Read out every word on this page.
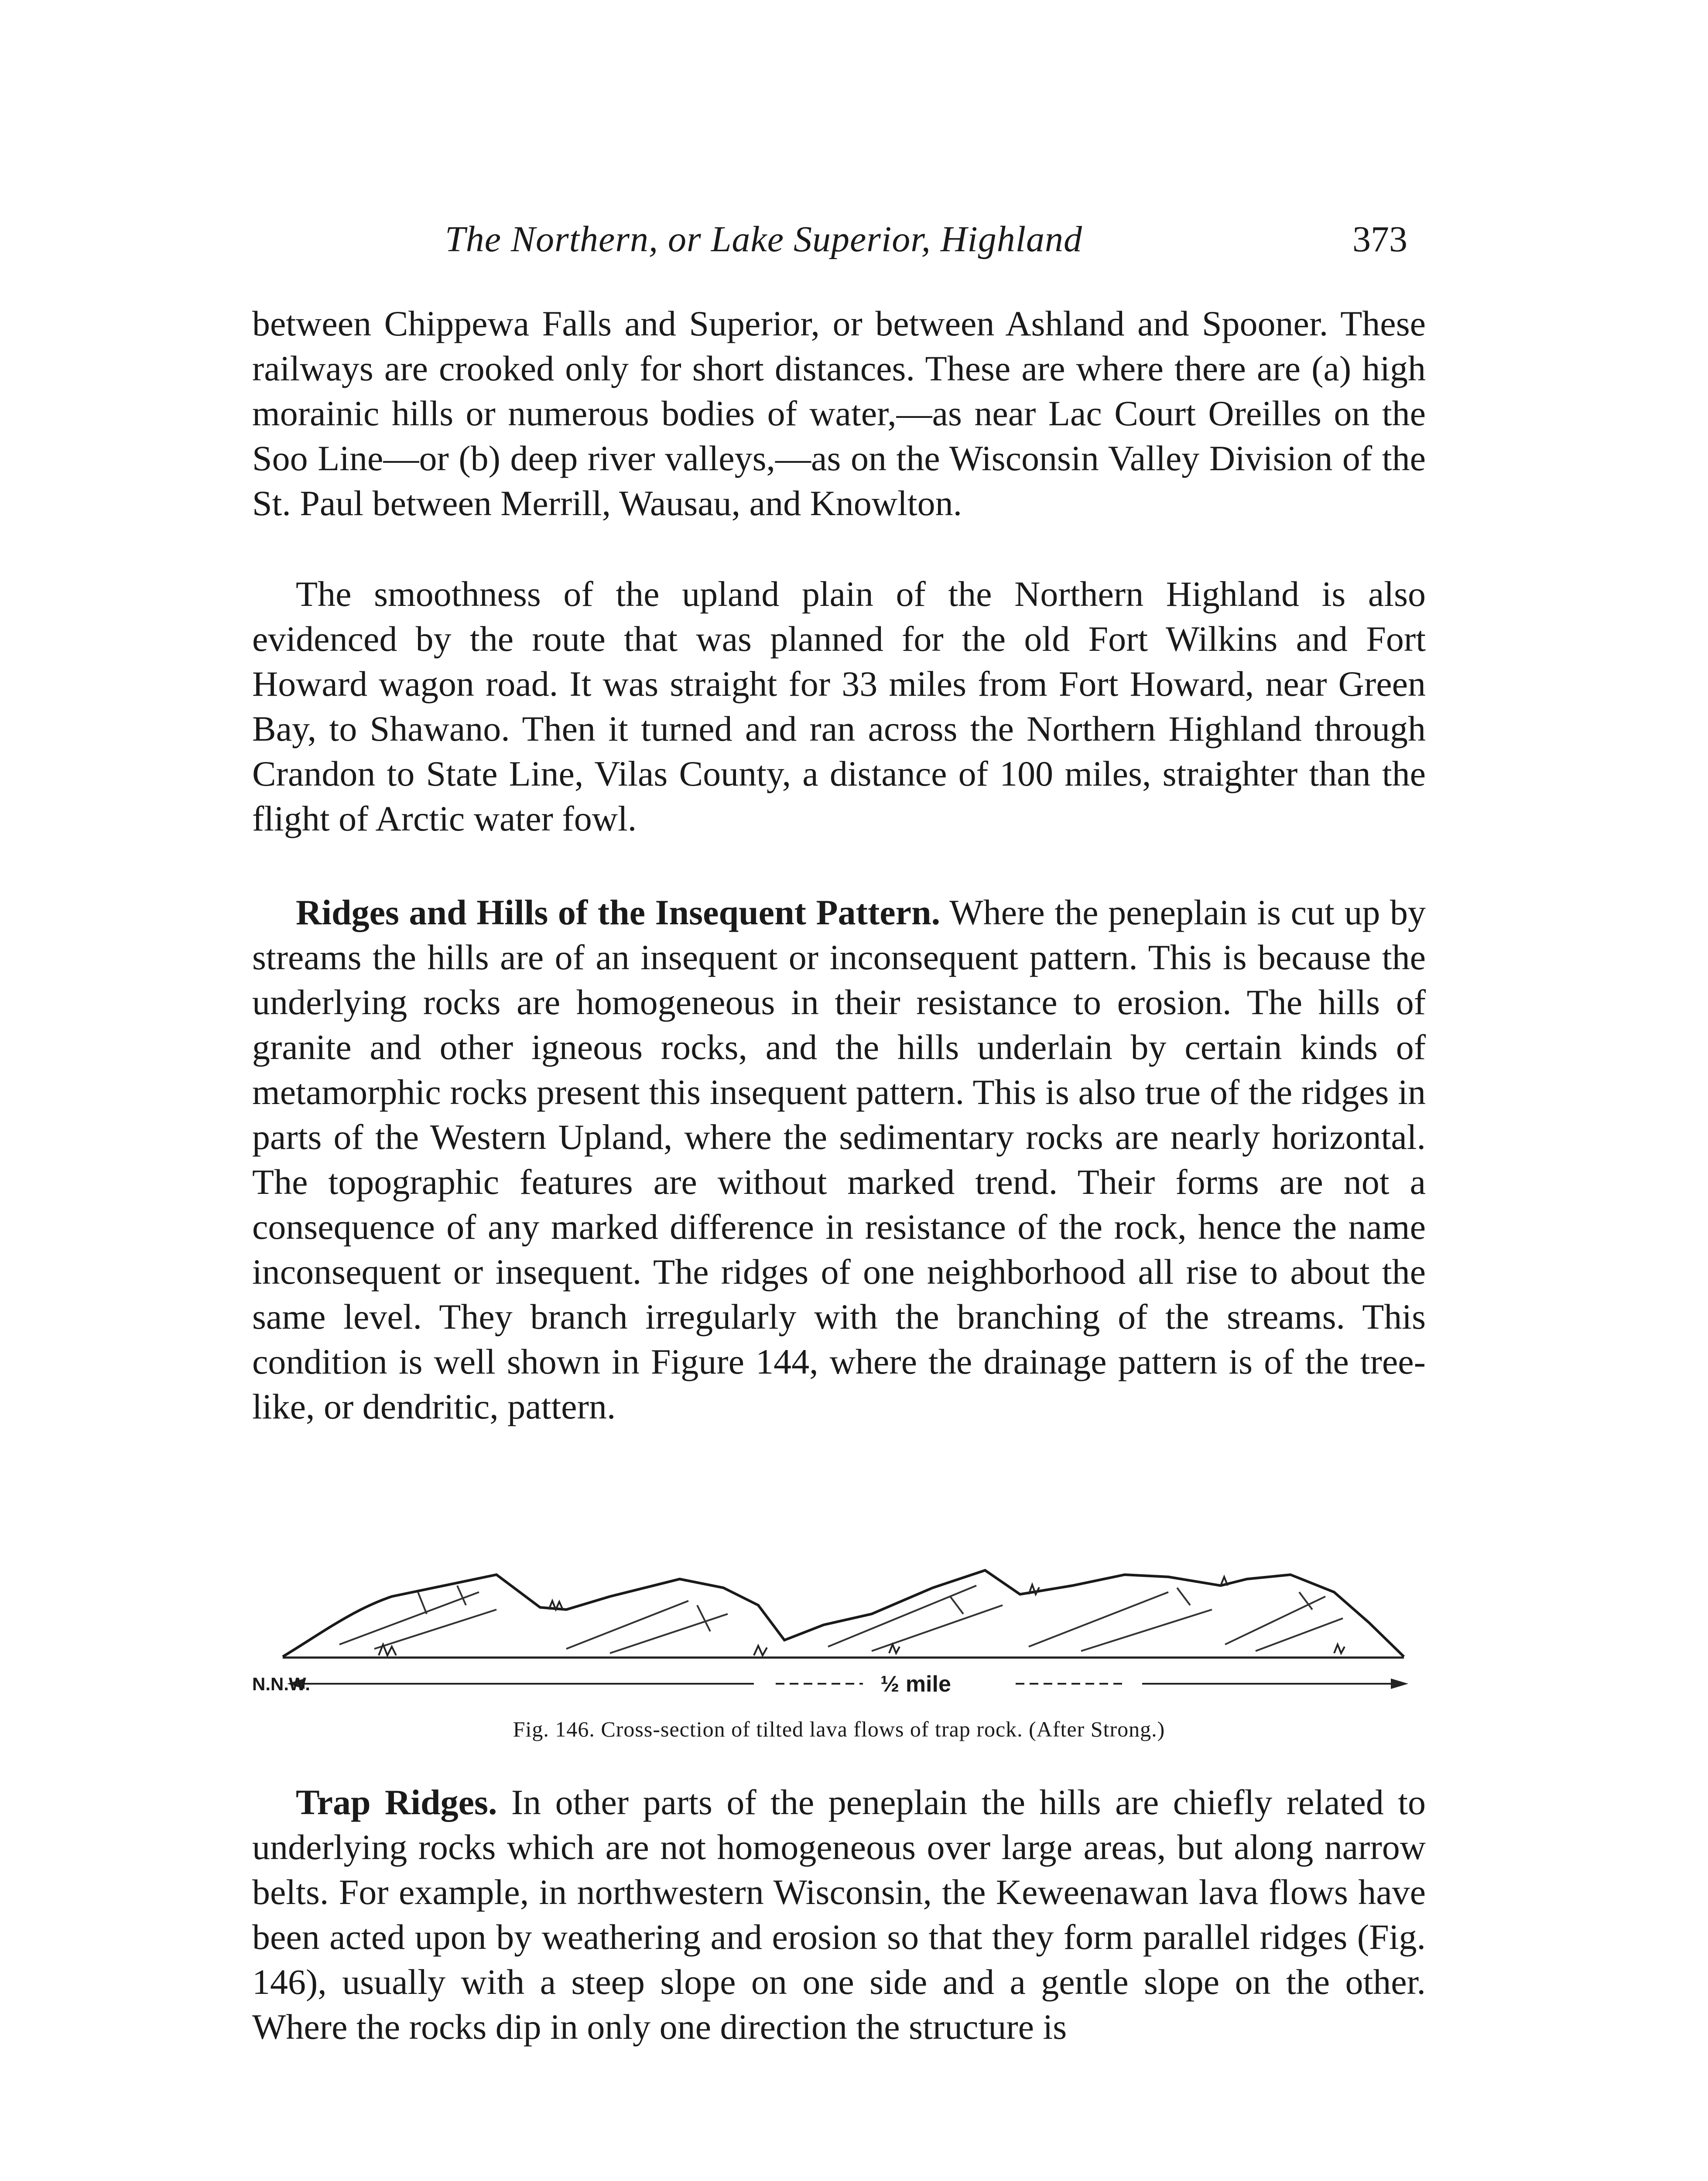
The Northern, or Lake Superior, Highland	373

between Chippewa Falls and Superior, or between Ashland and Spooner. These railways are crooked only for short distances. These are where there are (a) high morainic hills or numerous bodies of water,—as near Lac Court Oreilles on the Soo Line—or (b) deep river valleys,—as on the Wisconsin Valley Division of the St. Paul between Merrill, Wausau, and Knowlton.

The smoothness of the upland plain of the Northern Highland is also evidenced by the route that was planned for the old Fort Wilkins and Fort Howard wagon road. It was straight for 33 miles from Fort Howard, near Green Bay, to Shawano. Then it turned and ran across the Northern Highland through Crandon to State Line, Vilas County, a distance of 100 miles, straighter than the flight of Arctic water fowl.

Ridges and Hills of the Insequent Pattern. Where the peneplain is cut up by streams the hills are of an insequent or inconsequent pattern. This is because the underlying rocks are homogeneous in their resistance to erosion. The hills of granite and other igneous rocks, and the hills underlain by certain kinds of metamorphic rocks present this insequent pattern. This is also true of the ridges in parts of the Western Upland, where the sedimentary rocks are nearly horizontal. The topographic features are without marked trend. Their forms are not a consequence of any marked difference in resistance of the rock, hence the name inconsequent or insequent. The ridges of one neighborhood all rise to about the same level. They branch irregularly with the branching of the streams. This condition is well shown in Figure 144, where the drainage pattern is of the tree-like, or dendritic, pattern.

N.N.W.	½ mile
Fig. 146. Cross-section of tilted lava flows of trap rock. (After Strong.)

Trap Ridges. In other parts of the peneplain the hills are chiefly related to underlying rocks which are not homogeneous over large areas, but along narrow belts. For example, in northwestern Wisconsin, the Keweenawan lava flows have been acted upon by weathering and erosion so that they form parallel ridges (Fig. 146), usually with a steep slope on one side and a gentle slope on the other. Where the rocks dip in only one direction the structure is
